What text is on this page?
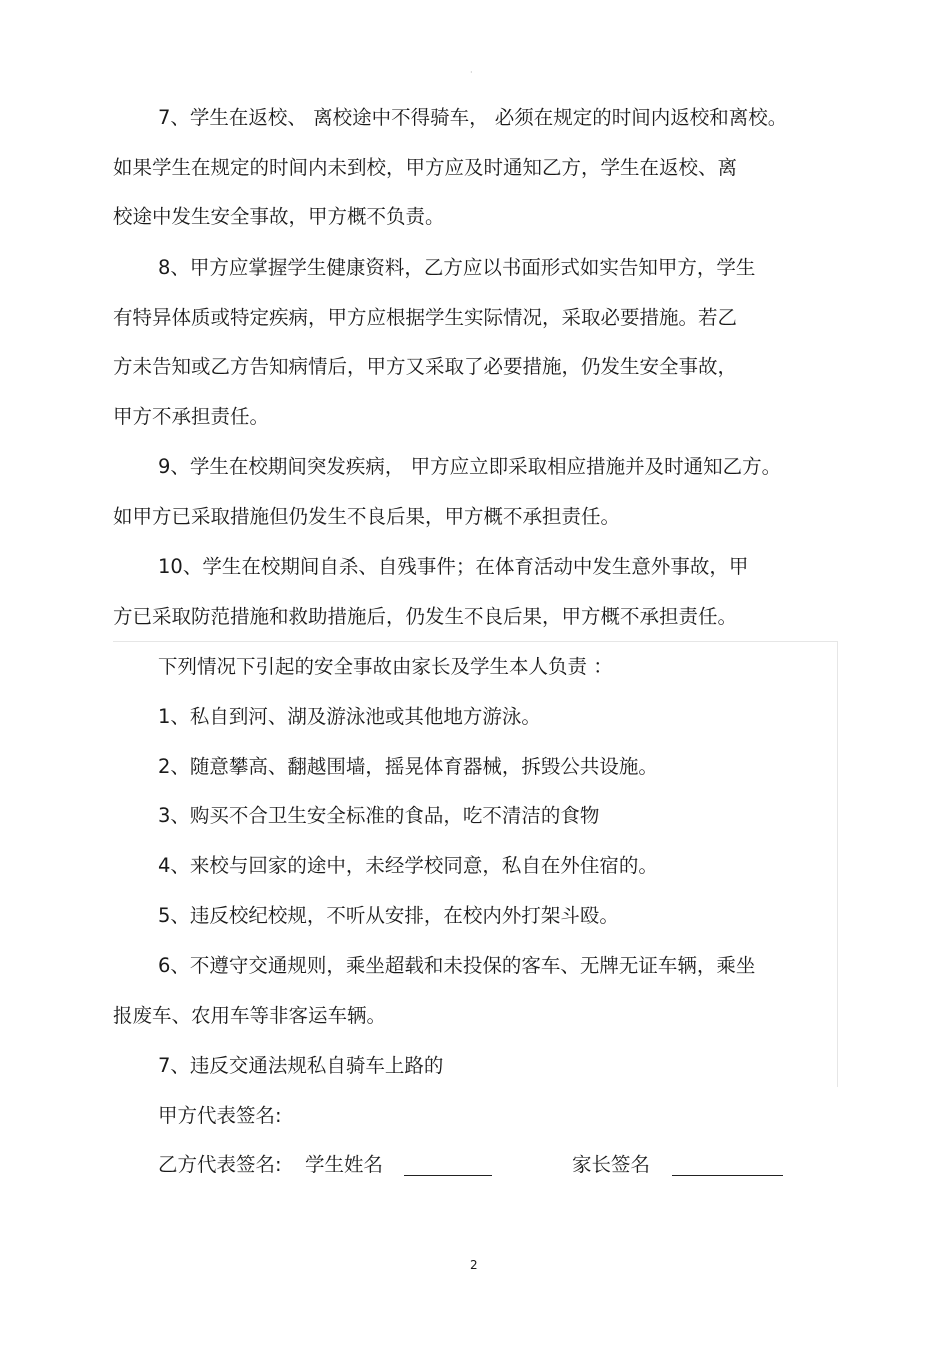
·
7、学生在返校、 离校途中不得骑车， 必须在规定的时间内返校和离校。
如果学生在规定的时间内未到校，甲方应及时通知乙方，学生在返校、离
校途中发生安全事故，甲方概不负责。
8、甲方应掌握学生健康资料，乙方应以书面形式如实告知甲方，学生
有特异体质或特定疾病，甲方应根据学生实际情况，采取必要措施。若乙
方未告知或乙方告知病情后，甲方又采取了必要措施，仍发生安全事故，
甲方不承担责任。
9、学生在校期间突发疾病， 甲方应立即采取相应措施并及时通知乙方。
如甲方已采取措施但仍发生不良后果，甲方概不承担责任。
10、学生在校期间自杀、自残事件；在体育活动中发生意外事故，甲
方已采取防范措施和救助措施后，仍发生不良后果，甲方概不承担责任。
下列情况下引起的安全事故由家长及学生本人负责 ：
1、私自到河、湖及游泳池或其他地方游泳。
2、随意攀高、翻越围墙，摇晃体育器械，拆毁公共设施。
3、购买不合卫生安全标准的食品，吃不清洁的食物
4、来校与回家的途中，未经学校同意，私自在外住宿的。
5、违反校纪校规，不听从安排，在校内外打架斗殴。
6、不遵守交通规则，乘坐超载和未投保的客车、无牌无证车辆，乘坐
报废车、农用车等非客运车辆。
7、违反交通法规私自骑车上路的
甲方代表签名:
乙方代表签名: 学生姓名	家长签名
2
